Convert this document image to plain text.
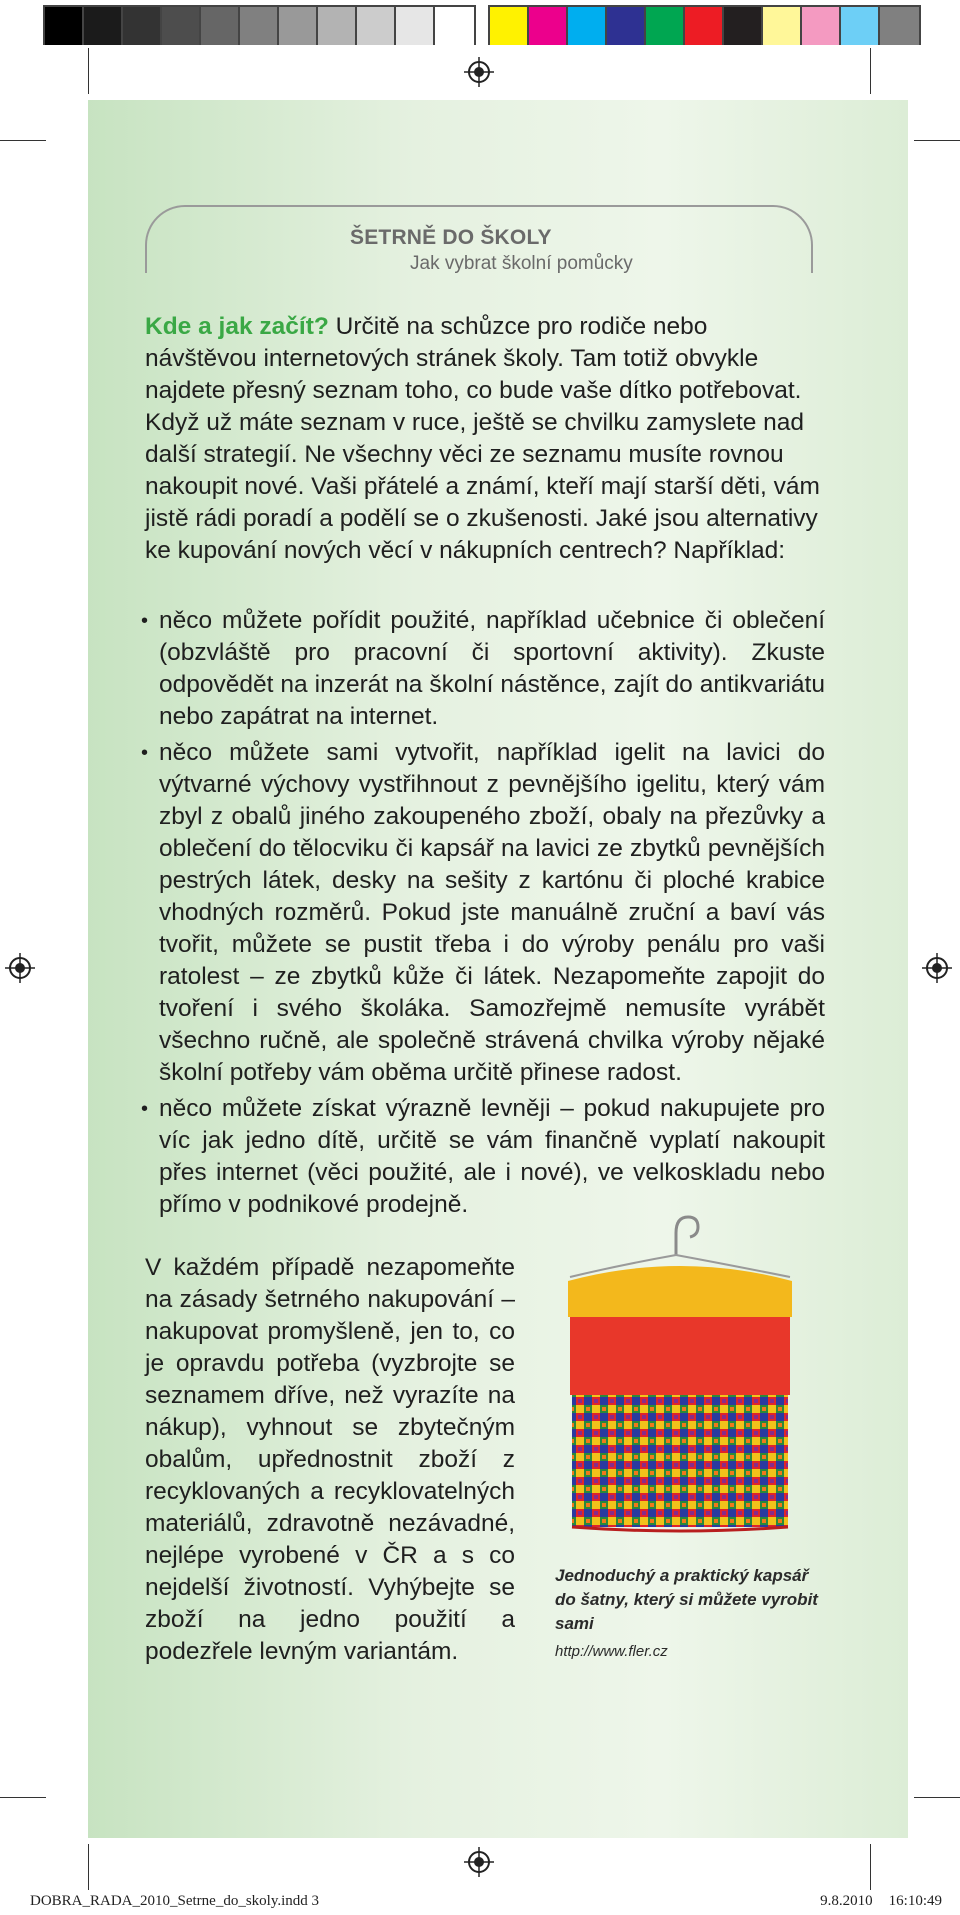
ŠETRNĚ DO ŠKOLY
Jak vybrat školní pomůcky
Kde a jak začít? Určitě na schůzce pro rodiče nebo návštěvou internetových stránek školy. Tam totiž obvykle najdete přesný seznam toho, co bude vaše dítko potřebovat. Když už máte seznam v ruce, ještě se chvilku zamyslete nad další strategií. Ne všechny věci ze seznamu musíte rovnou nakoupit nové. Vaši přátelé a známí, kteří mají starší děti, vám jistě rádi poradí a podělí se o zkušenosti. Jaké jsou alternativy ke kupování nových věcí v nákupních centrech? Například:
• něco můžete pořídit použité, například učebnice či oblečení (obzvláště pro pracovní či sportovní aktivity). Zkuste odpovědět na inzerát na školní nástěnce, zajít do antikvariátu nebo zapátrat na internet.
• něco můžete sami vytvořit, například igelit na lavici do výtvarné výchovy vystřihnout z pevnějšího igelitu, který vám zbyl z obalů jiného zakoupeného zboží, obaly na přezůvky a oblečení do tělocviku či kapsář na lavici ze zbytků pevnějších pestrých látek, desky na sešity z kartónu či ploché krabice vhodných rozměrů. Pokud jste manuálně zruční a baví vás tvořit, můžete se pustit třeba i do výroby penálu pro vaši ratolest – ze zbytků kůže či látek. Nezapomeňte zapojit do tvoření i svého školáka. Samozřejmě nemusíte vyrábět všechno ručně, ale společně strávená chvilka výroby nějaké školní potřeby vám oběma určitě přinese radost.
• něco můžete získat výrazně levněji – pokud nakupujete pro víc jak jedno dítě, určitě se vám finančně vyplatí nakoupit přes internet (věci použité, ale i nové), ve velkoskladu nebo přímo v podnikové prodejně.
V každém případě nezapomeňte na zásady šetrného nakupování – nakupovat promyšleně, jen to, co je opravdu potřeba (vyzbrojte se seznamem dříve, než vyrazíte na nákup), vyhnout se zbytečným obalům, upřednostnit zboží z recyklovaných a recyklovatelných materiálů, zdravotně nezávadné, nejlépe vyrobené v ČR a s co nejdelší životností. Vyhýbejte se zboží na jedno použití a podezřele levným variantám.
Jednoduchý a praktický kapsář do šatny, který si můžete vyrobit sami
http://www.fler.cz
DOBRA_RADA_2010_Setrne_do_skoly.indd 3	9.8.2010 16:10:49
